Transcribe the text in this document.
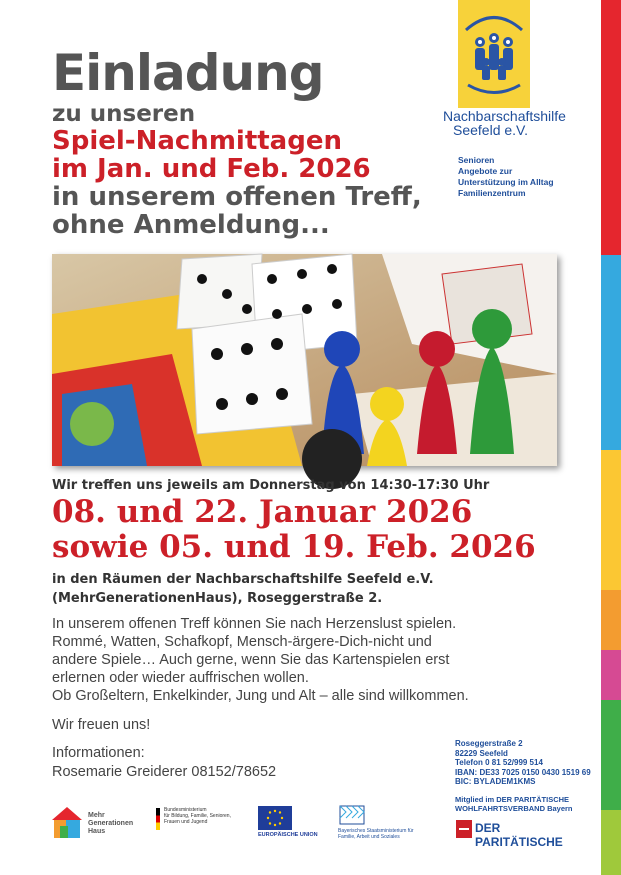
Einladung
zu unseren
Spiel-Nachmittagen
im Jan. und Feb. 2026
in unserem offenen Treff,
ohne Anmeldung...
Nachbarschaftshilfe
Seefeld e.V.
Senioren
Angebote zur
Unterstützung im Alltag
Familienzentrum
Wir treffen uns jeweils am Donnerstag von 14:30-17:30 Uhr
08. und 22. Januar 2026
sowie 05. und 19. Feb. 2026
in den Räumen der Nachbarschaftshilfe Seefeld e.V.
(MehrGenerationenHaus), Roseggerstraße 2.
In unserem offenen Treff können Sie nach Herzenslust spielen.
Rommé, Watten, Schafkopf, Mensch-ärgere-Dich-nicht und
andere Spiele… Auch gerne, wenn Sie das Kartenspielen erst
erlernen oder wieder auffrischen wollen.
Ob Großeltern, Enkelkinder, Jung und Alt – alle sind willkommen.
Wir freuen uns!
Informationen:
Rosemarie Greiderer 08152/78652
Roseggerstraße 2
82229 Seefeld
Telefon 0 81 52/999 514
IBAN: DE33 7025 0150 0430 1519 69
BIC: BYLADEM1KMS
Mitglied im DER PARITÄTISCHE
WOHLFAHRTSVERBAND Bayern
DER PARITÄTISCHE
Mehr
Generationen
Haus
Bundesministerium
für Bildung, Familie, Senioren,
Frauen und Jugend
EUROPÄISCHE UNION
Bayerisches Staatsministerium für
Familie, Arbeit und Soziales
